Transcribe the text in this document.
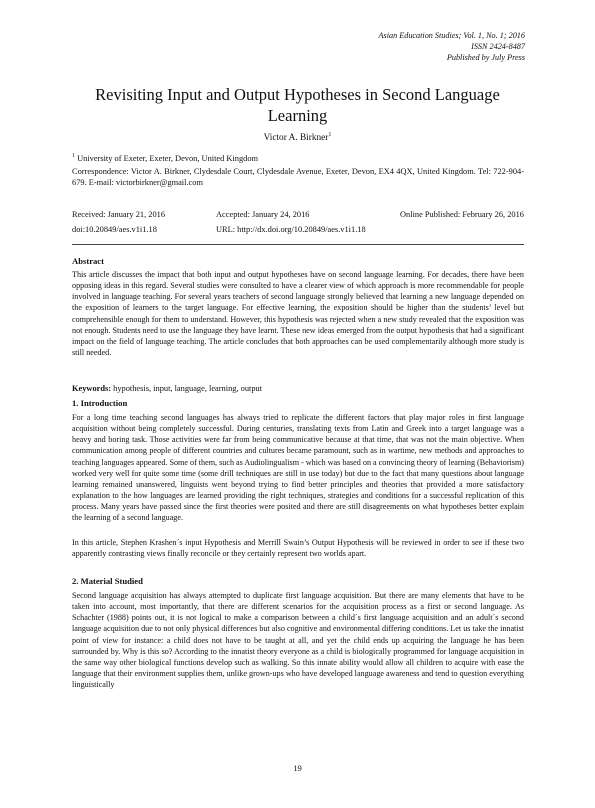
Asian Education Studies; Vol. 1, No. 1; 2016
ISSN 2424-8487
Published by July Press
Revisiting Input and Output Hypotheses in Second Language Learning
Victor A. Birkner$^1$
$^1$ University of Exeter, Exeter, Devon, United Kingdom
Correspondence: Victor A. Birkner, Clydesdale Court, Clydesdale Avenue, Exeter, Devon, EX4 4QX, United Kingdom. Tel: 722-904-679. E-mail: victorbirkner@gmail.com
Received: January 21, 2016	Accepted: January 24, 2016	Online Published: February 26, 2016
doi:10.20849/aes.v1i1.18	URL: http://dx.doi.org/10.20849/aes.v1i1.18
Abstract

This article discusses the impact that both input and output hypotheses have on second language learning. For decades, there have been opposing ideas in this regard. Several studies were consulted to have a clearer view of which approach is more recommendable for people involved in language teaching. For several years teachers of second language strongly believed that learning a new language depended on the exposition of learners to the target language. For effective learning, the exposition should be higher than the students’ level but comprehensible enough for them to understand. However, this hypothesis was rejected when a new study revealed that the exposition was not enough. Students need to use the language they have learnt. These new ideas emerged from the output hypothesis that had a significant impact on the field of language teaching. The article concludes that both approaches can be used complementarily although more study is still needed.

Keywords: hypothesis, input, language, learning, output
1. Introduction

For a long time teaching second languages has always tried to replicate the different factors that play major roles in first language acquisition without being completely successful. During centuries, translating texts from Latin and Greek into a target language was a heavy and boring task. Those activities were far from being communicative because at that time, that was not the main objective. When communication among people of different countries and cultures became paramount, such as in wartime, new methods and approaches to teaching languages appeared. Some of them, such as Audiolingualism - which was based on a convincing theory of learning (Behaviorism) worked very well for quite some time (some drill techniques are still in use today) but due to the fact that many questions about language learning remained unanswered, linguists went beyond trying to find better principles and theories that provided a more satisfactory explanation to the how languages are learned providing the right techniques, strategies and conditions for a successful replication of this process. Many years have passed since the first theories were posited and there are still disagreements on what hypotheses better explain the learning of a second language.

In this article, Stephen Krashen´s input Hypothesis and Merrill Swain’s Output Hypothesis will be reviewed in order to see if these two apparently contrasting views finally reconcile or they certainly represent two worlds apart.

2. Material Studied

Second language acquisition has always attempted to duplicate first language acquisition. But there are many elements that have to be taken into account, most importantly, that there are different scenarios for the acquisition process as a first or second language. As Schachter (1988) points out, it is not logical to make a comparison between a child´s first language acquisition and an adult´s second language acquisition due to not only physical differences but also cognitive and environmental differing conditions. Let us take the innatist point of view for instance: a child does not have to be taught at all, and yet the child ends up acquiring the language he has been surrounded by. Why is this so? According to the innatist theory everyone as a child is biologically programmed for language acquisition in the same way other biological functions develop such as walking. So this innate ability would allow all children to acquire with ease the language that their environment supplies them, unlike grown-ups who have developed language awareness and tend to question everything linguistically

19
